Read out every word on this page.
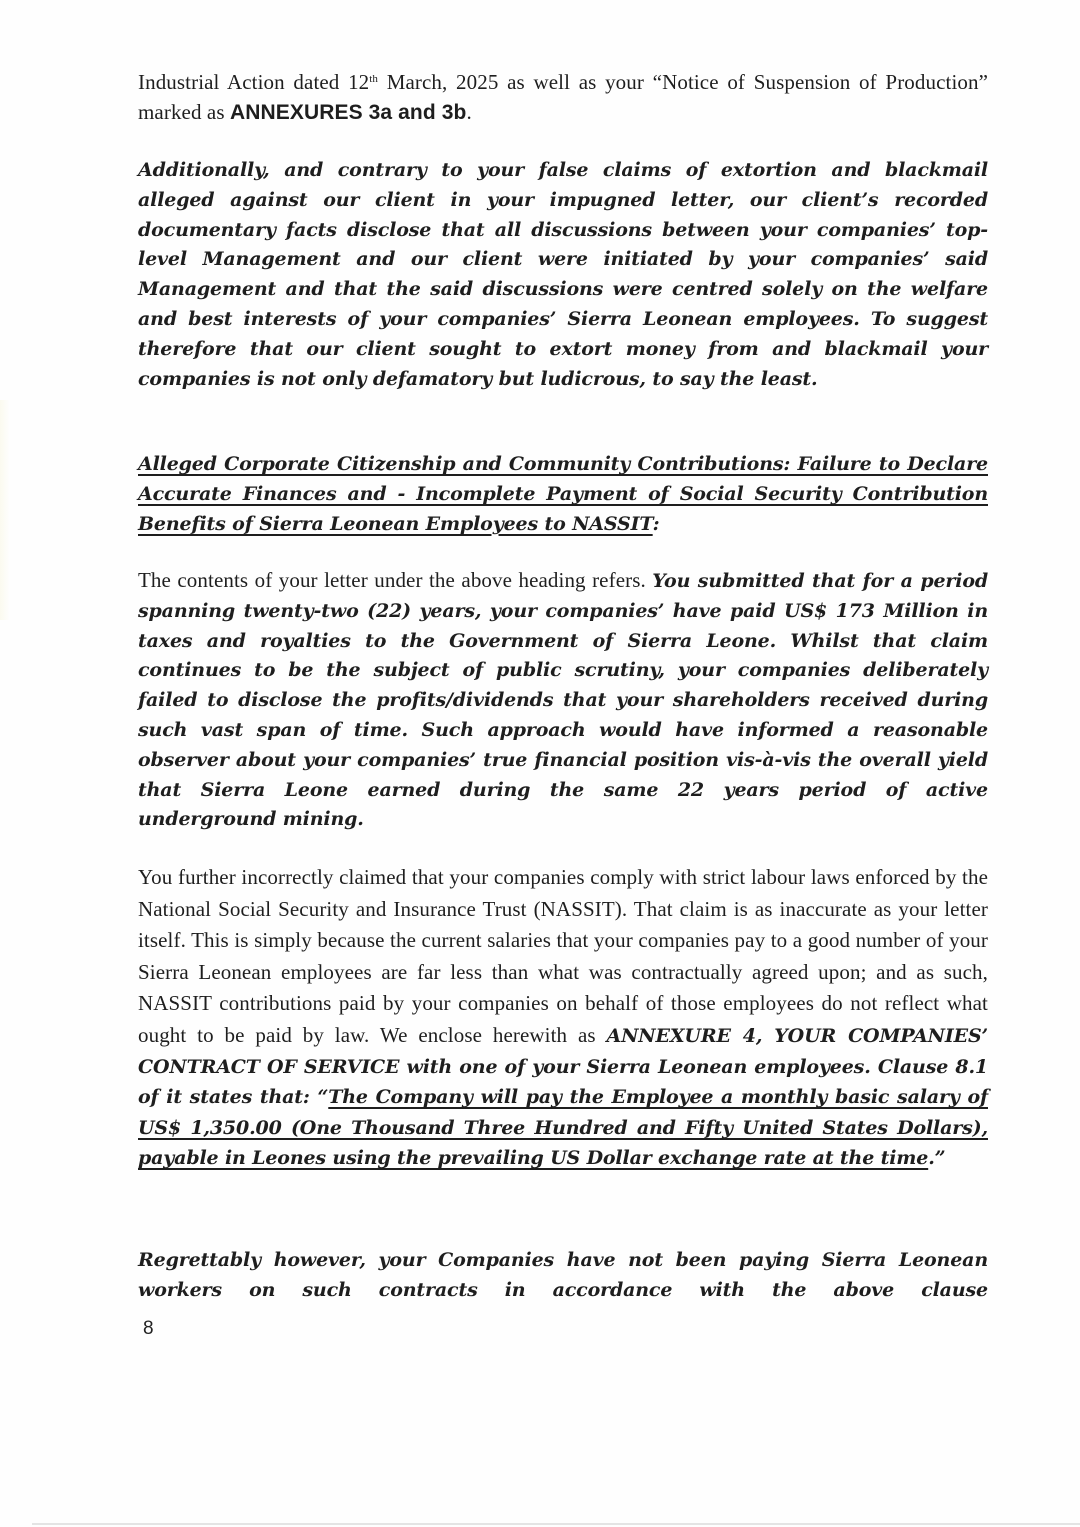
Industrial Action dated 12th March, 2025 as well as your “Notice of Suspension of Production” marked as ANNEXURES 3a and 3b.

Additionally, and contrary to your false claims of extortion and blackmail alleged against our client in your impugned letter, our client’s recorded documentary facts disclose that all discussions between your companies’ top-level Management and our client were initiated by your companies’ said Management and that the said discussions were centred solely on the welfare and best interests of your companies’ Sierra Leonean employees. To suggest therefore that our client sought to extort money from and blackmail your companies is not only defamatory but ludicrous, to say the least.

Alleged Corporate Citizenship and Community Contributions: Failure to Declare Accurate Finances and - Incomplete Payment of Social Security Contribution Benefits of Sierra Leonean Employees to NASSIT:

The contents of your letter under the above heading refers. You submitted that for a period spanning twenty-two (22) years, your companies’ have paid US$ 173 Million in taxes and royalties to the Government of Sierra Leone. Whilst that claim continues to be the subject of public scrutiny, your companies deliberately failed to disclose the profits/dividends that your shareholders received during such vast span of time. Such approach would have informed a reasonable observer about your companies’ true financial position vis-à-vis the overall yield that Sierra Leone earned during the same 22 years period of active underground mining.

You further incorrectly claimed that your companies comply with strict labour laws enforced by the National Social Security and Insurance Trust (NASSIT). That claim is as inaccurate as your letter itself. This is simply because the current salaries that your companies pay to a good number of your Sierra Leonean employees are far less than what was contractually agreed upon; and as such, NASSIT contributions paid by your companies on behalf of those employees do not reflect what ought to be paid by law. We enclose herewith as ANNEXURE 4, YOUR COMPANIES’ CONTRACT OF SERVICE with one of your Sierra Leonean employees. Clause 8.1 of it states that: “The Company will pay the Employee a monthly basic salary of US$ 1,350.00 (One Thousand Three Hundred and Fifty United States Dollars), payable in Leones using the prevailing US Dollar exchange rate at the time.”

Regrettably however, your Companies have not been paying Sierra Leonean workers on such contracts in accordance with the above clause

8
